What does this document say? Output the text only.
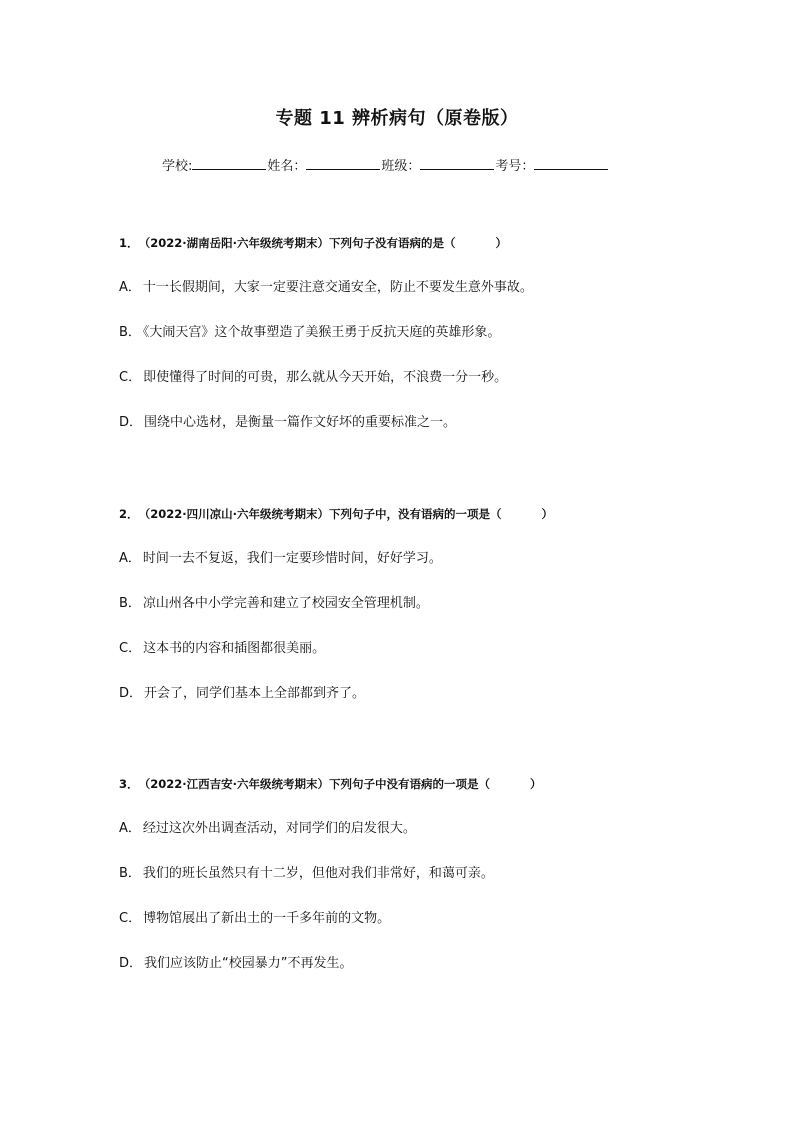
专题 11 辨析病句（原卷版）
学校:	姓名：	班级：	考号：
1． （2022·湖南岳阳·六年级统考期末）下列句子没有语病的是（	）
A． 十一长假期间，大家一定要注意交通安全，防止不要发生意外事故。
B． 《大闹天宫》这个故事塑造了美猴王勇于反抗天庭的英雄形象。
C． 即使懂得了时间的可贵，那么就从今天开始，不浪费一分一秒。
D． 围绕中心选材，是衡量一篇作文好坏的重要标准之一。
2． （2022·四川凉山·六年级统考期末）下列句子中，没有语病的一项是（	）
A． 时间一去不复返，我们一定要珍惜时间，好好学习。
B． 凉山州各中小学完善和建立了校园安全管理机制。
C． 这本书的内容和插图都很美丽。
D． 开会了，同学们基本上全部都到齐了。
3． （2022·江西吉安·六年级统考期末）下列句子中没有语病的一项是（	）
A． 经过这次外出调查活动，对同学们的启发很大。
B． 我们的班长虽然只有十二岁，但他对我们非常好，和蔼可亲。
C． 博物馆展出了新出土的一千多年前的文物。
D． 我们应该防止“校园暴力”不再发生。
